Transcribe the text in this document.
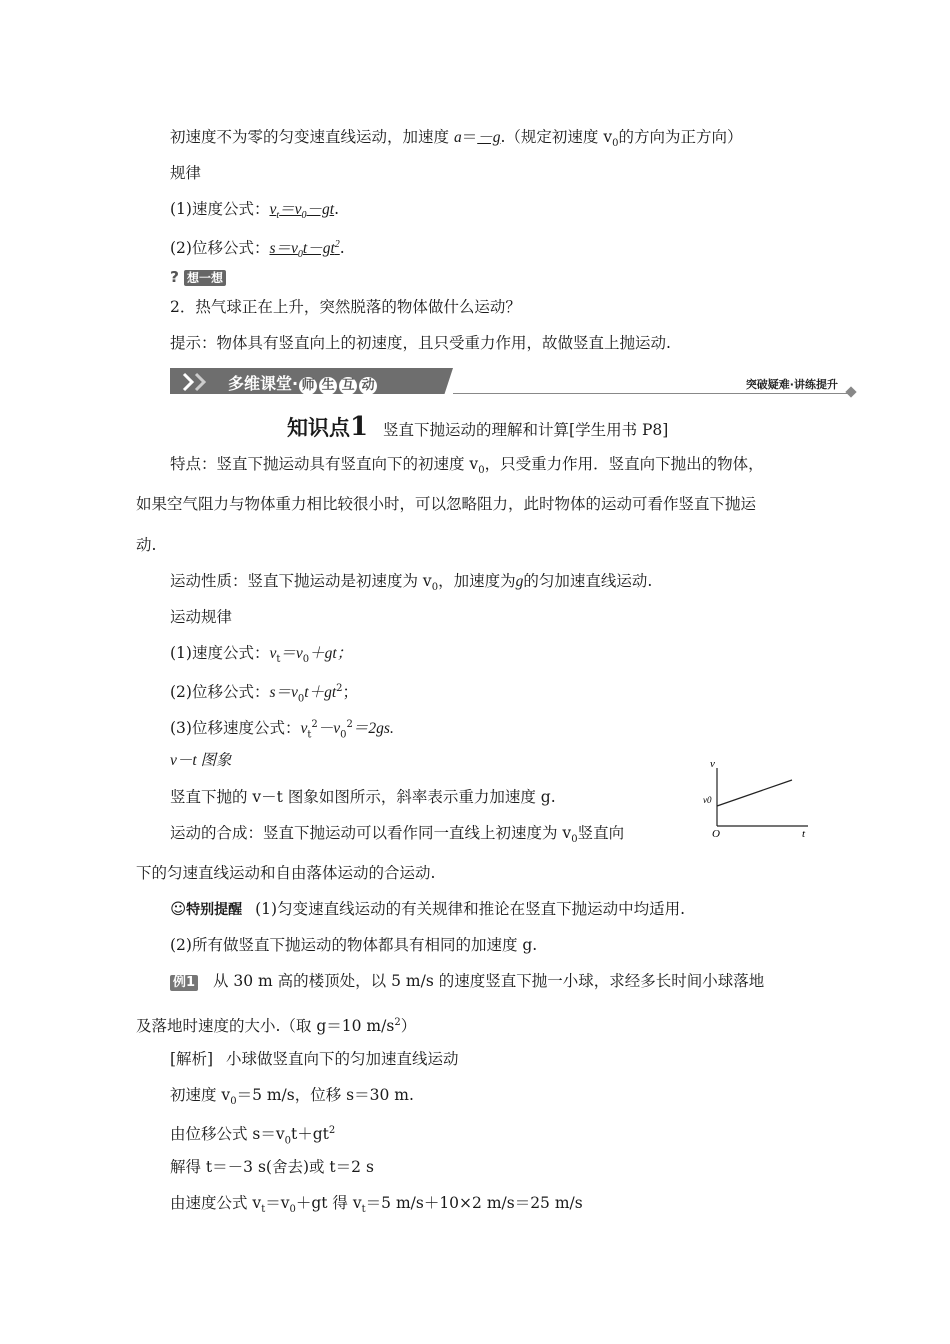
初速度不为零的匀变速直线运动，加速度 a＝－g.（规定初速度 $v_0$的方向为正方向）
规律
(1)速度公式：$v_t=v_0-gt$.
(2)位移公式：$s=v_0t-gt^2$.
? 想一想
2．热气球正在上升，突然脱落的物体做什么运动？
提示：物体具有竖直向上的初速度，且只受重力作用，故做竖直上抛运动.
多维课堂· 师 生 互 动	突破疑难·讲练提升
知识点1 竖直下抛运动的理解和计算[学生用书 P8]
特点：竖直下抛运动具有竖直向下的初速度 $v_0$，只受重力作用．竖直向下抛出的物体，
如果空气阻力与物体重力相比较很小时，可以忽略阻力，此时物体的运动可看作竖直下抛运
动.
运动性质：竖直下抛运动是初速度为 $v_0$，加速度为g的匀加速直线运动.
运动规律
(1)速度公式：$v_t=v_0+gt$；
(2)位移公式：$s=v_0t+gt^2$；
(3)位移速度公式：$v_t^2-v_0^2=2gs$.
v－t 图象
竖直下抛的 v－t 图象如图所示，斜率表示重力加速度 g.
运动的合成：竖直下抛运动可以看作同一直线上初速度为 $v_0$竖直向
下的匀速直线运动和自由落体运动的合运动.
v
t
O
v0
☺特别提醒 (1)匀变速直线运动的有关规律和推论在竖直下抛运动中均适用.
(2)所有做竖直下抛运动的物体都具有相同的加速度 g.
例1 从 30 m 高的楼顶处，以 5 m/s 的速度竖直下抛一小球，求经多长时间小球落地
及落地时速度的大小.（取 g＝10 $m/s^2$）
[解析] 小球做竖直向下的匀加速直线运动
初速度 $v_0=5$ m/s，位移 s＝30 m.
由位移公式 $s=v_0t+gt^2$
解得 t＝－3 s(舍去)或 t＝2 s
由速度公式 $v_t=v_0+gt$ 得 $v_t=5$ m/s＋10×2 m/s＝25 m/s
